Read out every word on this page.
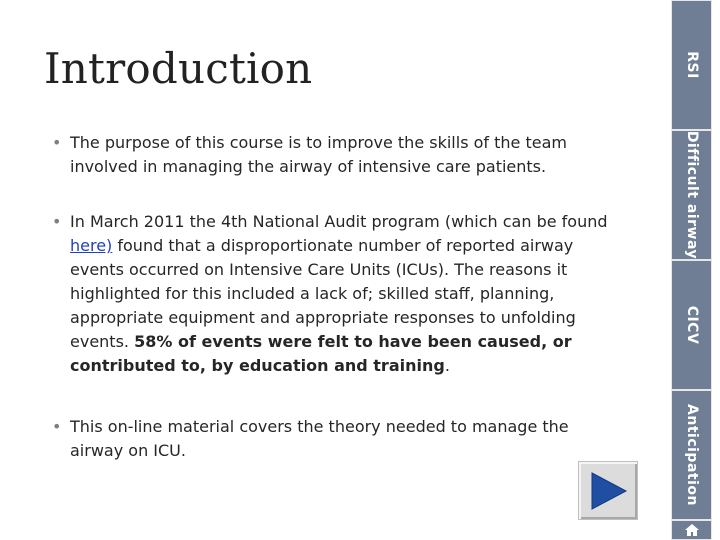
Introduction
• The purpose of this course is to improve the skills of the team involved in managing the airway of intensive care patients.
• In March 2011 the 4th National Audit program (which can be found here) found that a disproportionate number of reported airway events occurred on Intensive Care Units (ICUs). The reasons it highlighted for this included a lack of; skilled staff, planning, appropriate equipment and appropriate responses to unfolding events. 58% of events were felt to have been caused, or contributed to, by education and training.
• This on-line material covers the theory needed to manage the airway on ICU.
RSI
Difficult airway
CICV
Anticipation
